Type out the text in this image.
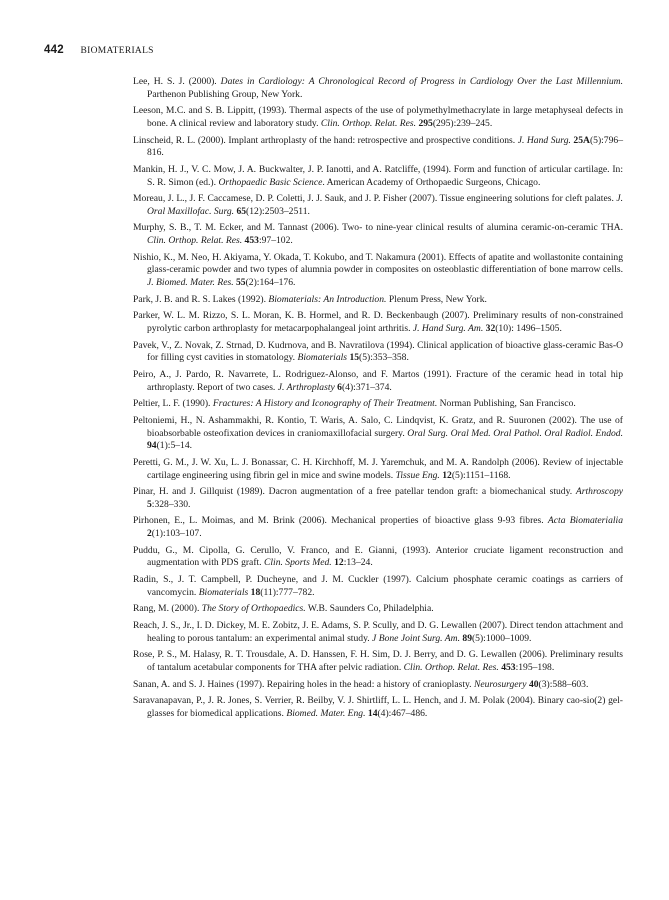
442 BIOMATERIALS
Lee, H. S. J. (2000). Dates in Cardiology: A Chronological Record of Progress in Cardiology Over the Last Millennium. Parthenon Publishing Group, New York.
Leeson, M.C. and S. B. Lippitt, (1993). Thermal aspects of the use of polymethylmethacrylate in large metaphyseal defects in bone. A clinical review and laboratory study. Clin. Orthop. Relat. Res. 295(295):239–245.
Linscheid, R. L. (2000). Implant arthroplasty of the hand: retrospective and prospective conditions. J. Hand Surg. 25A(5):796–816.
Mankin, H. J., V. C. Mow, J. A. Buckwalter, J. P. Ianotti, and A. Ratcliffe, (1994). Form and function of articular cartilage. In: S. R. Simon (ed.). Orthopaedic Basic Science. American Academy of Orthopaedic Surgeons, Chicago.
Moreau, J. L., J. F. Caccamese, D. P. Coletti, J. J. Sauk, and J. P. Fisher (2007). Tissue engineering solutions for cleft palates. J. Oral Maxillofac. Surg. 65(12):2503–2511.
Murphy, S. B., T. M. Ecker, and M. Tannast (2006). Two- to nine-year clinical results of alumina ceramic-on-ceramic THA. Clin. Orthop. Relat. Res. 453:97–102.
Nishio, K., M. Neo, H. Akiyama, Y. Okada, T. Kokubo, and T. Nakamura (2001). Effects of apatite and wollastonite containing glass-ceramic powder and two types of alumnia powder in composites on osteoblastic differentiation of bone marrow cells. J. Biomed. Mater. Res. 55(2):164–176.
Park, J. B. and R. S. Lakes (1992). Biomaterials: An Introduction. Plenum Press, New York.
Parker, W. L. M. Rizzo, S. L. Moran, K. B. Hormel, and R. D. Beckenbaugh (2007). Preliminary results of non-constrained pyrolytic carbon arthroplasty for metacarpophalangeal joint arthritis. J. Hand Surg. Am. 32(10): 1496–1505.
Pavek, V., Z. Novak, Z. Strnad, D. Kudrnova, and B. Navratilova (1994). Clinical application of bioactive glass-ceramic Bas-O for filling cyst cavities in stomatology. Biomaterials 15(5):353–358.
Peiro, A., J. Pardo, R. Navarrete, L. Rodriguez-Alonso, and F. Martos (1991). Fracture of the ceramic head in total hip arthroplasty. Report of two cases. J. Arthroplasty 6(4):371–374.
Peltier, L. F. (1990). Fractures: A History and Iconography of Their Treatment. Norman Publishing, San Francisco.
Peltoniemi, H., N. Ashammakhi, R. Kontio, T. Waris, A. Salo, C. Lindqvist, K. Gratz, and R. Suuronen (2002). The use of bioabsorbable osteofixation devices in craniomaxillofacial surgery. Oral Surg. Oral Med. Oral Pathol. Oral Radiol. Endod. 94(1):5–14.
Peretti, G. M., J. W. Xu, L. J. Bonassar, C. H. Kirchhoff, M. J. Yaremchuk, and M. A. Randolph (2006). Review of injectable cartilage engineering using fibrin gel in mice and swine models. Tissue Eng. 12(5):1151–1168.
Pinar, H. and J. Gillquist (1989). Dacron augmentation of a free patellar tendon graft: a biomechanical study. Arthroscopy 5:328–330.
Pirhonen, E., L. Moimas, and M. Brink (2006). Mechanical properties of bioactive glass 9-93 fibres. Acta Biomaterialia 2(1):103–107.
Puddu, G., M. Cipolla, G. Cerullo, V. Franco, and E. Gianni, (1993). Anterior cruciate ligament reconstruction and augmentation with PDS graft. Clin. Sports Med. 12:13–24.
Radin, S., J. T. Campbell, P. Ducheyne, and J. M. Cuckler (1997). Calcium phosphate ceramic coatings as carriers of vancomycin. Biomaterials 18(11):777–782.
Rang, M. (2000). The Story of Orthopaedics. W.B. Saunders Co, Philadelphia.
Reach, J. S., Jr., I. D. Dickey, M. E. Zobitz, J. E. Adams, S. P. Scully, and D. G. Lewallen (2007). Direct tendon attachment and healing to porous tantalum: an experimental animal study. J Bone Joint Surg. Am. 89(5):1000–1009.
Rose, P. S., M. Halasy, R. T. Trousdale, A. D. Hanssen, F. H. Sim, D. J. Berry, and D. G. Lewallen (2006). Preliminary results of tantalum acetabular components for THA after pelvic radiation. Clin. Orthop. Relat. Res. 453:195–198.
Sanan, A. and S. J. Haines (1997). Repairing holes in the head: a history of cranioplasty. Neurosurgery 40(3):588–603.
Saravanapavan, P., J. R. Jones, S. Verrier, R. Beilby, V. J. Shirtliff, L. L. Hench, and J. M. Polak (2004). Binary cao-sio(2) gel-glasses for biomedical applications. Biomed. Mater. Eng. 14(4):467–486.
